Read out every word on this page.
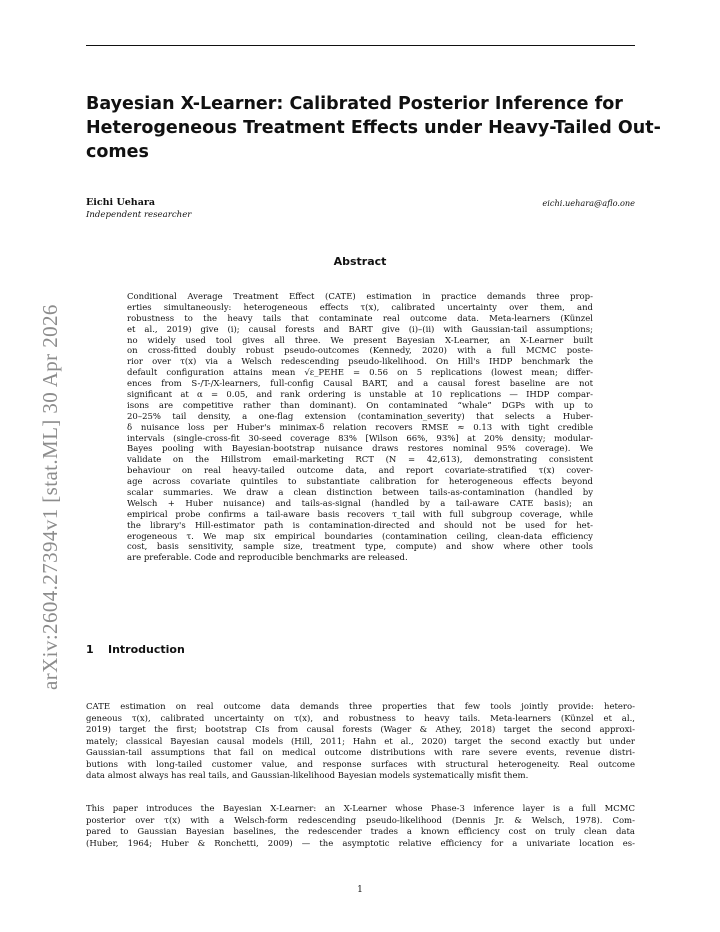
arXiv:2604.27394v1 [stat.ML] 30 Apr 2026
Bayesian X-Learner: Calibrated Posterior Inference for
Heterogeneous Treatment Effects under Heavy-Tailed Out-
comes
Eichi Uehara
Independent researcher
eichi.uehara@aflo.one
Abstract
Conditional Average Treatment Effect (CATE) estimation in practice demands three prop-
erties simultaneously: heterogeneous effects τ(x), calibrated uncertainty over them, and
robustness to the heavy tails that contaminate real outcome data. Meta-learners (Künzel
et al., 2019) give (i); causal forests and BART give (i)–(ii) with Gaussian-tail assumptions;
no widely used tool gives all three. We present Bayesian X-Learner, an X-Learner built
on cross-fitted doubly robust pseudo-outcomes (Kennedy, 2020) with a full MCMC poste-
rior over τ(x) via a Welsch redescending pseudo-likelihood. On Hill's IHDP benchmark the
default configuration attains mean √ε_PEHE = 0.56 on 5 replications (lowest mean; differ-
ences from S-/T-/X-learners, full-config Causal BART, and a causal forest baseline are not
significant at α = 0.05, and rank ordering is unstable at 10 replications — IHDP compar-
isons are competitive rather than dominant). On contaminated “whale” DGPs with up to
20–25% tail density, a one-flag extension (contamination_severity) that selects a Huber-
δ nuisance loss per Huber's minimax-δ relation recovers RMSE ≈ 0.13 with tight credible
intervals (single-cross-fit 30-seed coverage 83% [Wilson 66%, 93%] at 20% density; modular-
Bayes pooling with Bayesian-bootstrap nuisance draws restores nominal 95% coverage). We
validate on the Hillstrom email-marketing RCT (N = 42,613), demonstrating consistent
behaviour on real heavy-tailed outcome data, and report covariate-stratified τ(x) cover-
age across covariate quintiles to substantiate calibration for heterogeneous effects beyond
scalar summaries. We draw a clean distinction between tails-as-contamination (handled by
Welsch + Huber nuisance) and tails-as-signal (handled by a tail-aware CATE basis); an
empirical probe confirms a tail-aware basis recovers τ_tail with full subgroup coverage, while
the library's Hill-estimator path is contamination-directed and should not be used for het-
erogeneous τ. We map six empirical boundaries (contamination ceiling, clean-data efficiency
cost, basis sensitivity, sample size, treatment type, compute) and show where other tools
are preferable. Code and reproducible benchmarks are released.
1 Introduction
CATE estimation on real outcome data demands three properties that few tools jointly provide: hetero-
geneous τ(x), calibrated uncertainty on τ(x), and robustness to heavy tails. Meta-learners (Künzel et al.,
2019) target the first; bootstrap CIs from causal forests (Wager & Athey, 2018) target the second approxi-
mately; classical Bayesian causal models (Hill, 2011; Hahn et al., 2020) target the second exactly but under
Gaussian-tail assumptions that fail on medical outcome distributions with rare severe events, revenue distri-
butions with long-tailed customer value, and response surfaces with structural heterogeneity. Real outcome
data almost always has real tails, and Gaussian-likelihood Bayesian models systematically misfit them.
This paper introduces the Bayesian X-Learner: an X-Learner whose Phase-3 inference layer is a full MCMC
posterior over τ(x) with a Welsch-form redescending pseudo-likelihood (Dennis Jr. & Welsch, 1978). Com-
pared to Gaussian Bayesian baselines, the redescender trades a known efficiency cost on truly clean data
(Huber, 1964; Huber & Ronchetti, 2009) — the asymptotic relative efficiency for a univariate location es-
1
